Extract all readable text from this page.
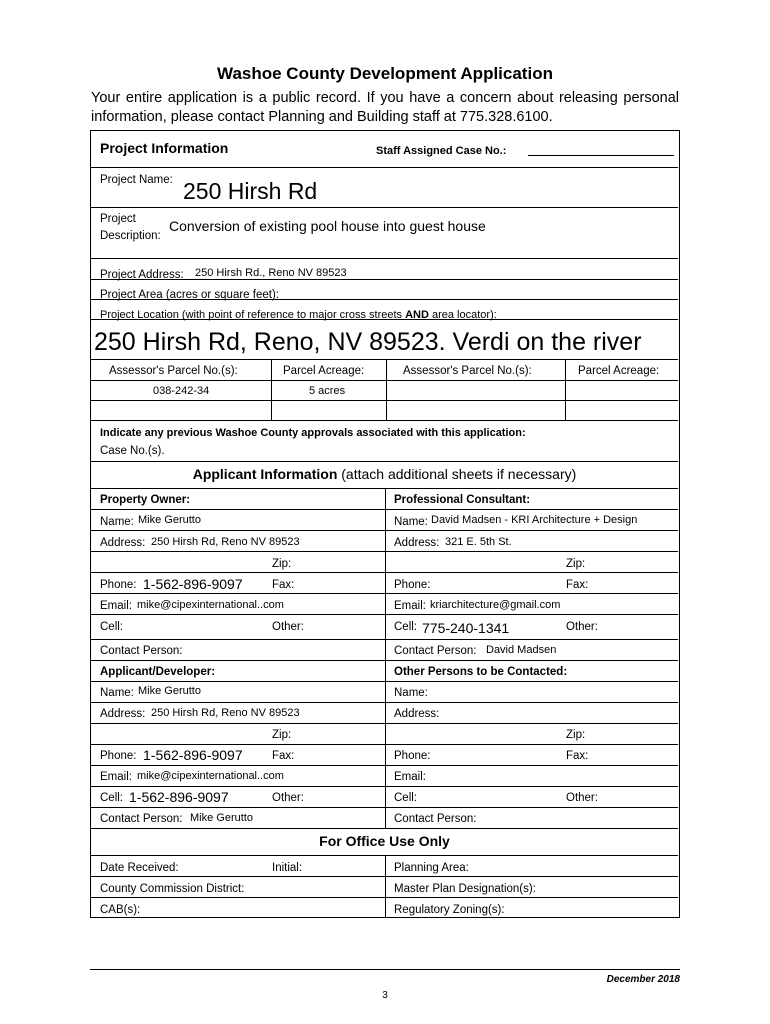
Washoe County Development Application
Your entire application is a public record. If you have a concern about releasing personal information, please contact Planning and Building staff at 775.328.6100.
Project Information	Staff Assigned Case No.:
Project Name: 250 Hirsh Rd
Project
Description:
Conversion of existing pool house into guest house
Project Address: 250 Hirsh Rd., Reno NV 89523
Project Area (acres or square feet):
Project Location (with point of reference to major cross streets AND area locator):
250 Hirsh Rd, Reno, NV 89523. Verdi on the river
Assessor's Parcel No.(s):	Parcel Acreage:	Assessor's Parcel No.(s):	Parcel Acreage:
038-242-34	5 acres
Indicate any previous Washoe County approvals associated with this application:
Case No.(s).
Applicant Information (attach additional sheets if necessary)
Property Owner:	Professional Consultant:
Name: Mike Gerutto	Name: David Madsen - KRI Architecture + Design
Address: 250 Hirsh Rd, Reno NV 89523	Address: 321 E. 5th St.
Zip:	Zip:
Phone: 1-562-896-9097	Fax:	Phone:	Fax:
Email: mike@cipexinternational..com	Email: kriarchitecture@gmail.com
Cell:	Other:	Cell: 775-240-1341	Other:
Contact Person:	Contact Person: David Madsen
Applicant/Developer:	Other Persons to be Contacted:
Name: Mike Gerutto	Name:
Address: 250 Hirsh Rd, Reno NV 89523	Address:
Zip:	Zip:
Phone: 1-562-896-9097	Fax:	Phone:	Fax:
Email: mike@cipexinternational..com	Email:
Cell: 1-562-896-9097	Other:	Cell:	Other:
Contact Person: Mike Gerutto	Contact Person:
For Office Use Only
Date Received:	Initial:	Planning Area:
County Commission District:	Master Plan Designation(s):
CAB(s):	Regulatory Zoning(s):
December 2018
3
